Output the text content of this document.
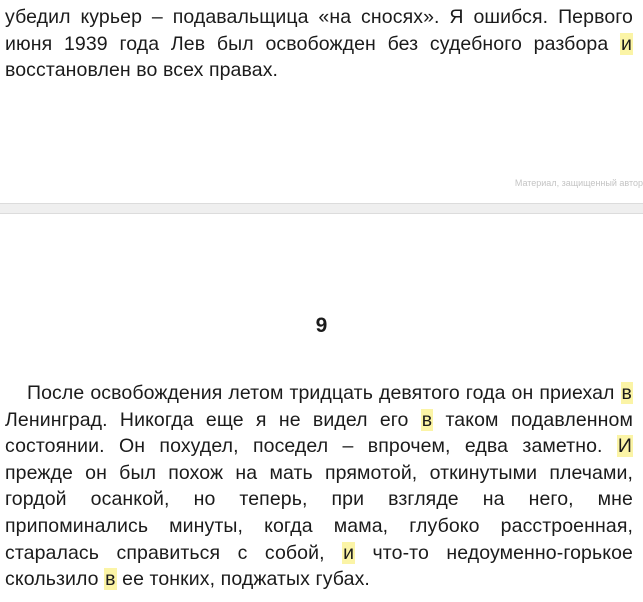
убедил курьер – подавальщица «на сносях». Я ошибся. Первого июня 1939 года Лев был освобожден без судебного разбора и восстановлен во всех правах.

Материал, защищенный автор
9

После освобождения летом тридцать девятого года он приехал в Ленинград. Никогда еще я не видел его в таком подавленном состоянии. Он похудел, поседел – впрочем, едва заметно. И прежде он был похож на мать прямотой, откинутыми плечами, гордой осанкой, но теперь, при взгляде на него, мне припоминались минуты, когда мама, глубоко расстроенная, старалась справиться с собой, и что-то недоуменно-горькое скользило в ее тонких, поджатых губах.
